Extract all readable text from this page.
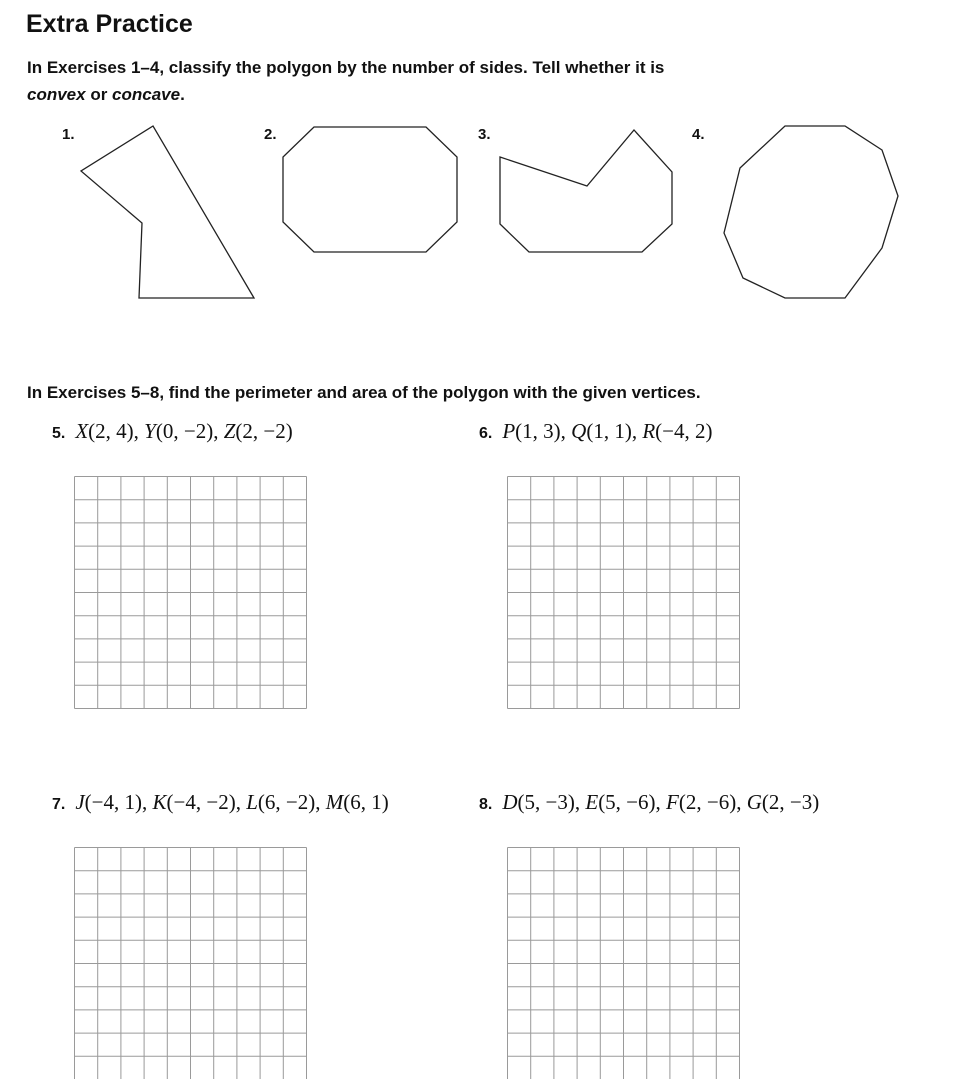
Extra Practice
In Exercises 1–4, classify the polygon by the number of sides. Tell whether it is
convex or concave.
1.	2.	3.	4.
In Exercises 5–8, find the perimeter and area of the polygon with the given vertices.
5. X(2, 4), Y(0, −2), Z(2, −2)	6. P(1, 3), Q(1, 1), R(−4, 2)
7. J(−4, 1), K(−4, −2), L(6, −2), M(6, 1)	8. D(5, −3), E(5, −6), F(2, −6), G(2, −3)
